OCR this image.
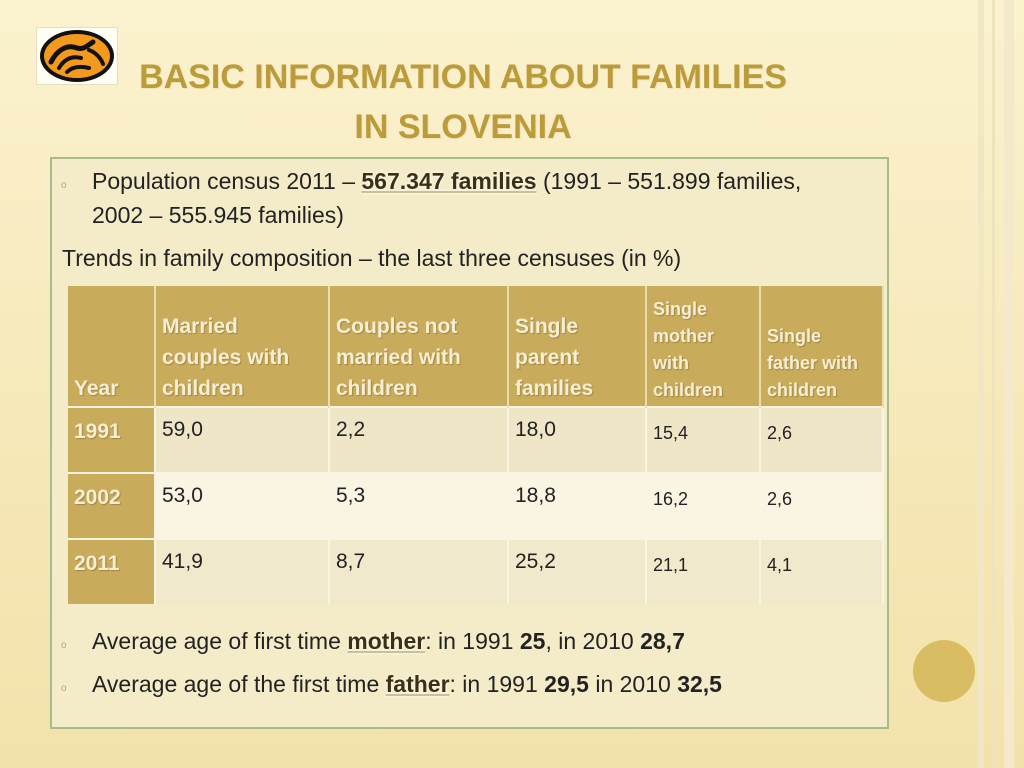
BASIC INFORMATION ABOUT FAMILIES
IN SLOVENIA
o Population census 2011 – 567.347 families (1991 – 551.899 families,
2002 – 555.945 families)
Trends in family composition – the last three censuses (in %)
Year	Married couples with children	Couples not married with children	Single parent families	Single mother with children	Single father with children
1991	59,0	2,2	18,0	15,4	2,6
2002	53,0	5,3	18,8	16,2	2,6
2011	41,9	8,7	25,2	21,1	4,1
o Average age of first time mother: in 1991 25, in 2010 28,7
o Average age of the first time father: in 1991 29,5 in 2010 32,5
